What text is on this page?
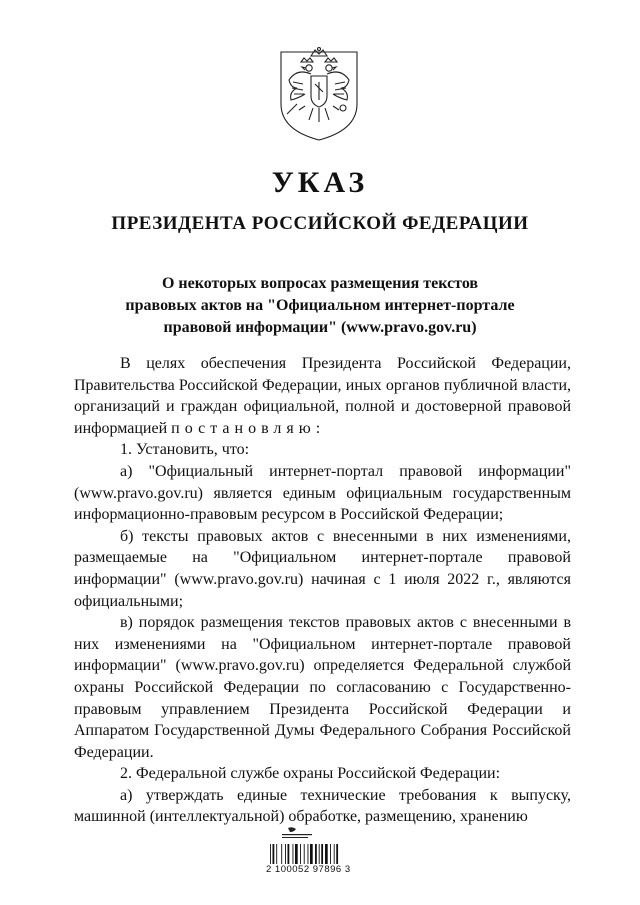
УКАЗ
ПРЕЗИДЕНТА РОССИЙСКОЙ ФЕДЕРАЦИИ
О некоторых вопросах размещения текстов
правовых актов на "Официальном интернет-портале
правовой информации" (www.pravo.gov.ru)

В целях обеспечения Президента Российской Федерации, Правительства Российской Федерации, иных органов публичной власти, организаций и граждан официальной, полной и достоверной правовой информацией постановляю:

1. Установить, что:

а) "Официальный интернет-портал правовой информации" (www.pravo.gov.ru) является единым официальным государственным информационно-правовым ресурсом в Российской Федерации;

б) тексты правовых актов с внесенными в них изменениями, размещаемые на "Официальном интернет-портале правовой информации" (www.pravo.gov.ru) начиная с 1 июля 2022 г., являются официальными;

в) порядок размещения текстов правовых актов с внесенными в них изменениями на "Официальном интернет-портале правовой информации" (www.pravo.gov.ru) определяется Федеральной службой охраны Российской Федерации по согласованию с Государственно-правовым управлением Президента Российской Федерации и Аппаратом Государственной Думы Федерального Собрания Российской Федерации.

2. Федеральной службе охраны Российской Федерации:

а) утверждать единые технические требования к выпуску, машинной (интеллектуальной) обработке, размещению, хранению

2 100052 97896 3
